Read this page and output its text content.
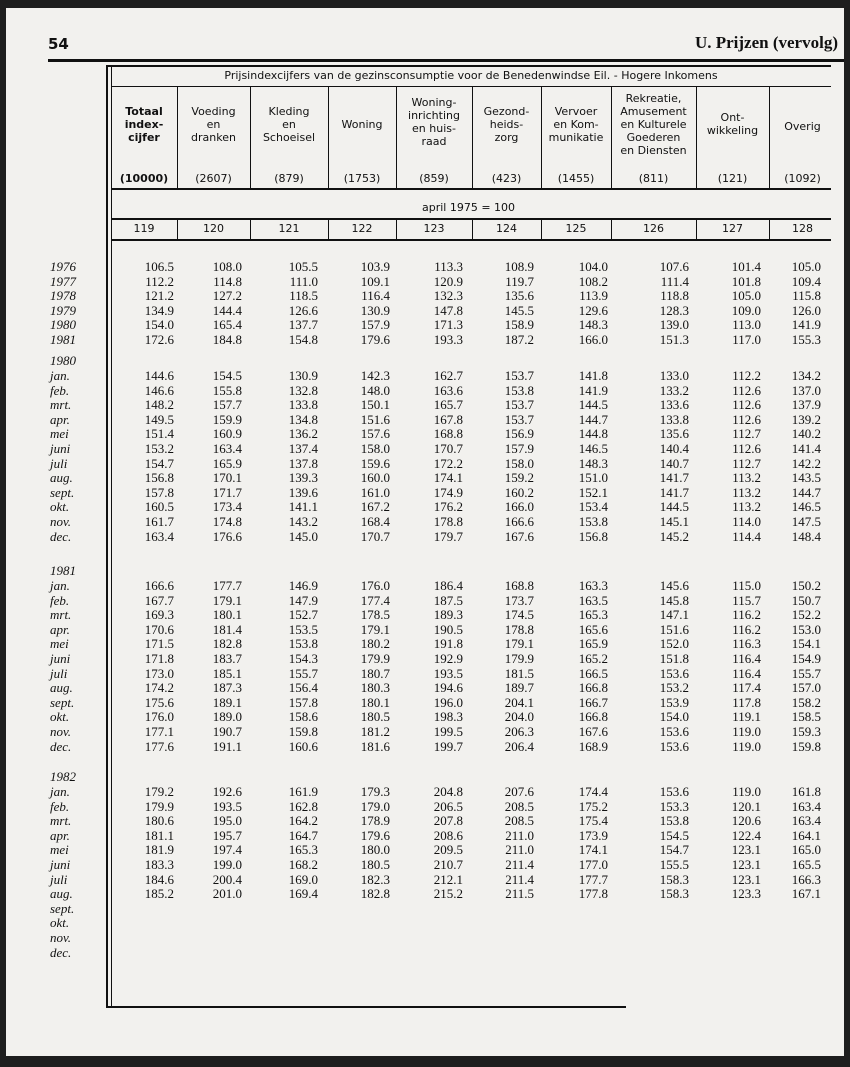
54	U. Prijzen (vervolg)
Prijsindexcijfers van de gezinsconsumptie voor de Benedenwindse Eil. - Hogere Inkomens
Totaal
index-
cijfer
(10000)
119
Voeding
en
dranken
(2607)
120
Kleding
en
Schoeisel
(879)
121
Woning
(1753)
122
Woning-
inrichting
en huis-
raad
(859)
123
Gezond-
heids-
zorg
(423)
124
Vervoer
en Kom-
munikatie
(1455)
125
Rekreatie,
Amusement
en Kulturele
Goederen
en Diensten
(811)
126
Ont-
wikkeling
(121)
127
Overig
(1092)
128
april 1975 = 100
1976
1977
1978
1979
1980
1981
106.5
112.2
121.2
134.9
154.0
172.6
108.0
114.8
127.2
144.4
165.4
184.8
105.5
111.0
118.5
126.6
137.7
154.8
103.9
109.1
116.4
130.9
157.9
179.6
113.3
120.9
132.3
147.8
171.3
193.3
108.9
119.7
135.6
145.5
158.9
187.2
104.0
108.2
113.9
129.6
148.3
166.0
107.6
111.4
118.8
128.3
139.0
151.3
101.4
101.8
105.0
109.0
113.0
117.0
105.0
109.4
115.8
126.0
141.9
155.3
1980
jan.
feb.
mrt.
apr.
mei
juni
juli
aug.
sept.
okt.
nov.
dec.
144.6
146.6
148.2
149.5
151.4
153.2
154.7
156.8
157.8
160.5
161.7
163.4
154.5
155.8
157.7
159.9
160.9
163.4
165.9
170.1
171.7
173.4
174.8
176.6
130.9
132.8
133.8
134.8
136.2
137.4
137.8
139.3
139.6
141.1
143.2
145.0
142.3
148.0
150.1
151.6
157.6
158.0
159.6
160.0
161.0
167.2
168.4
170.7
162.7
163.6
165.7
167.8
168.8
170.7
172.2
174.1
174.9
176.2
178.8
179.7
153.7
153.8
153.7
153.7
156.9
157.9
158.0
159.2
160.2
166.0
166.6
167.6
141.8
141.9
144.5
144.7
144.8
146.5
148.3
151.0
152.1
153.4
153.8
156.8
133.0
133.2
133.6
133.8
135.6
140.4
140.7
141.7
141.7
144.5
145.1
145.2
112.2
112.6
112.6
112.6
112.7
112.6
112.7
113.2
113.2
113.2
114.0
114.4
134.2
137.0
137.9
139.2
140.2
141.4
142.2
143.5
144.7
146.5
147.5
148.4
1981
jan.
feb.
mrt.
apr.
mei
juni
juli
aug.
sept.
okt.
nov.
dec.
166.6
167.7
169.3
170.6
171.5
171.8
173.0
174.2
175.6
176.0
177.1
177.6
177.7
179.1
180.1
181.4
182.8
183.7
185.1
187.3
189.1
189.0
190.7
191.1
146.9
147.9
152.7
153.5
153.8
154.3
155.7
156.4
157.8
158.6
159.8
160.6
176.0
177.4
178.5
179.1
180.2
179.9
180.7
180.3
180.1
180.5
181.2
181.6
186.4
187.5
189.3
190.5
191.8
192.9
193.5
194.6
196.0
198.3
199.5
199.7
168.8
173.7
174.5
178.8
179.1
179.9
181.5
189.7
204.1
204.0
206.3
206.4
163.3
163.5
165.3
165.6
165.9
165.2
166.5
166.8
166.7
166.8
167.6
168.9
145.6
145.8
147.1
151.6
152.0
151.8
153.6
153.2
153.9
154.0
153.6
153.6
115.0
115.7
116.2
116.2
116.3
116.4
116.4
117.4
117.8
119.1
119.0
119.0
150.2
150.7
152.2
153.0
154.1
154.9
155.7
157.0
158.2
158.5
159.3
159.8
1982
jan.
feb.
mrt.
apr.
mei
juni
juli
aug.
sept.
okt.
nov.
dec.
179.2
179.9
180.6
181.1
181.9
183.3
184.6
185.2
192.6
193.5
195.0
195.7
197.4
199.0
200.4
201.0
161.9
162.8
164.2
164.7
165.3
168.2
169.0
169.4
179.3
179.0
178.9
179.6
180.0
180.5
182.3
182.8
204.8
206.5
207.8
208.6
209.5
210.7
212.1
215.2
207.6
208.5
208.5
211.0
211.0
211.4
211.4
211.5
174.4
175.2
175.4
173.9
174.1
177.0
177.7
177.8
153.6
153.3
153.8
154.5
154.7
155.5
158.3
158.3
119.0
120.1
120.6
122.4
123.1
123.1
123.1
123.3
161.8
163.4
163.4
164.1
165.0
165.5
166.3
167.1
